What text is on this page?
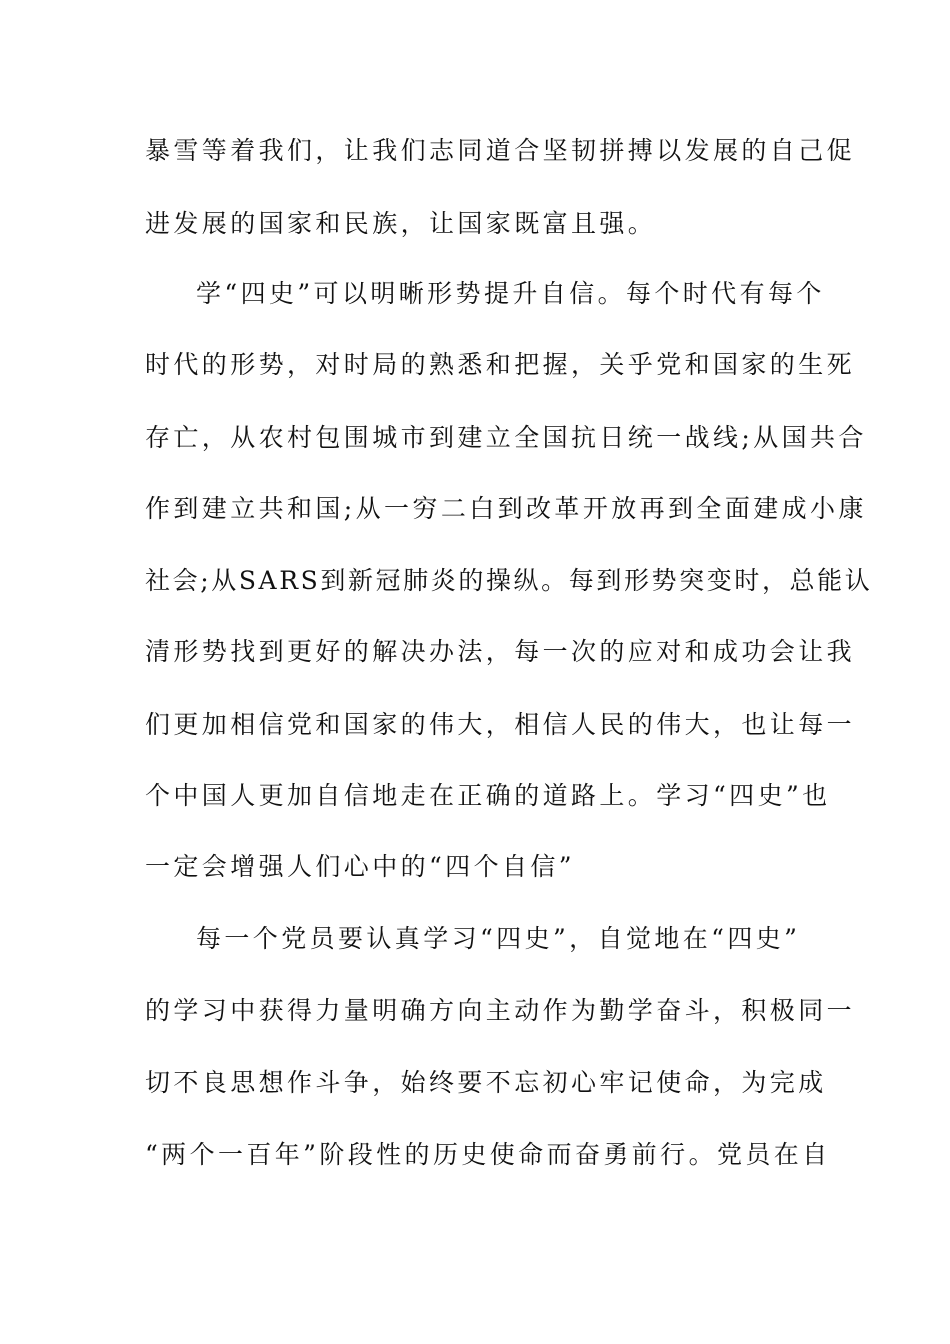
暴雪等着我们，让我们志同道合坚韧拼搏以发展的自己促
进发展的国家和民族，让国家既富且强。
学“四史”可以明晰形势提升自信。每个时代有每个
时代的形势，对时局的熟悉和把握，关乎党和国家的生死
存亡，从农村包围城市到建立全国抗日统一战线;从国共合
作到建立共和国;从一穷二白到改革开放再到全面建成小康
社会;从SARS到新冠肺炎的操纵。每到形势突变时，总能认
清形势找到更好的解决办法，每一次的应对和成功会让我
们更加相信党和国家的伟大，相信人民的伟大，也让每一
个中国人更加自信地走在正确的道路上。学习“四史”也
一定会增强人们心中的“四个自信”
每一个党员要认真学习“四史”，自觉地在“四史”
的学习中获得力量明确方向主动作为勤学奋斗，积极同一
切不良思想作斗争，始终要不忘初心牢记使命，为完成
“两个一百年”阶段性的历史使命而奋勇前行。党员在自
